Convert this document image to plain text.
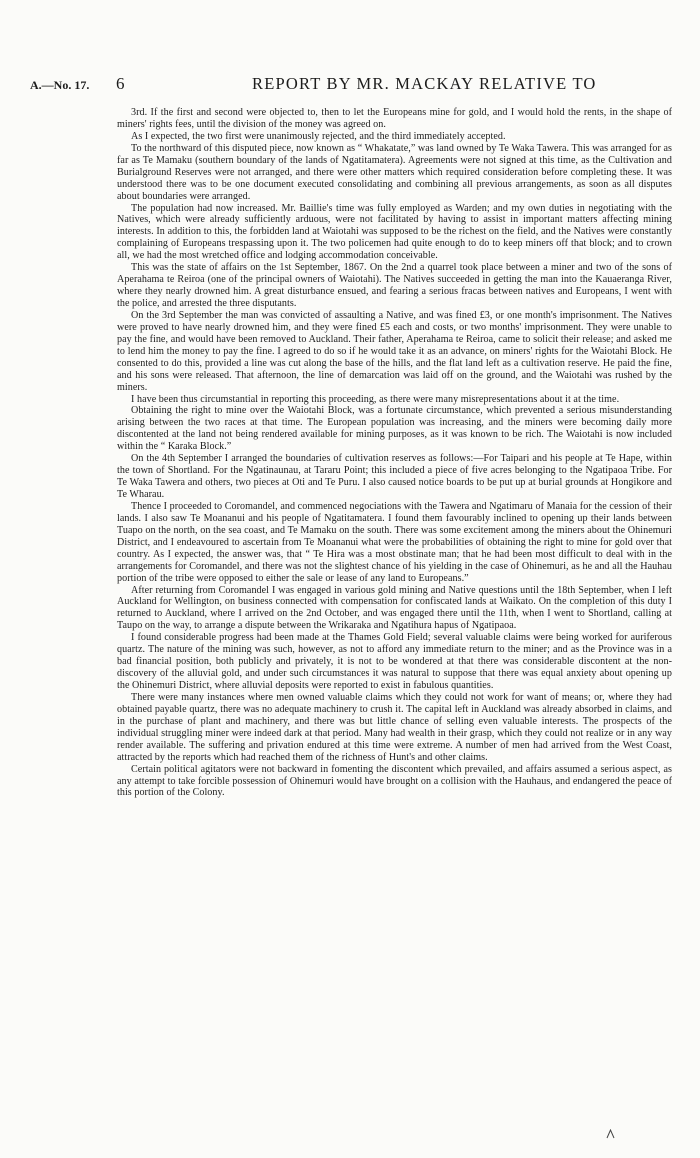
A.—No. 17. 6	REPORT BY MR. MACKAY RELATIVE TO

3rd. If the first and second were objected to, then to let the Europeans mine for gold, and I would hold the rents, in the shape of miners' rights fees, until the division of the money was agreed on.

As I expected, the two first were unanimously rejected, and the third immediately accepted.

To the northward of this disputed piece, now known as “ Whakatate,” was land owned by Te Waka Tawera. This was arranged for as far as Te Mamaku (southern boundary of the lands of Ngatitamatera). Agreements were not signed at this time, as the Cultivation and Burialground Reserves were not arranged, and there were other matters which required consideration before completing these. It was understood there was to be one document executed consolidating and combining all previous arrangements, as soon as all disputes about boundaries were arranged.

The population had now increased. Mr. Baillie's time was fully employed as Warden; and my own duties in negotiating with the Natives, which were already sufficiently arduous, were not facilitated by having to assist in important matters affecting mining interests. In addition to this, the forbidden land at Waiotahi was supposed to be the richest on the field, and the Natives were constantly complaining of Europeans trespassing upon it. The two policemen had quite enough to do to keep miners off that block; and to crown all, we had the most wretched office and lodging accommodation conceivable.

This was the state of affairs on the 1st September, 1867. On the 2nd a quarrel took place between a miner and two of the sons of Aperahama te Reiroa (one of the principal owners of Waiotahi). The Natives succeeded in getting the man into the Kauaeranga River, where they nearly drowned him. A great disturbance ensued, and fearing a serious fracas between natives and Europeans, I went with the police, and arrested the three disputants.

On the 3rd September the man was convicted of assaulting a Native, and was fined £3, or one month's imprisonment. The Natives were proved to have nearly drowned him, and they were fined £5 each and costs, or two months' imprisonment. They were unable to pay the fine, and would have been removed to Auckland. Their father, Aperahama te Reiroa, came to solicit their release; and asked me to lend him the money to pay the fine. I agreed to do so if he would take it as an advance, on miners' rights for the Waiotahi Block. He consented to do this, provided a line was cut along the base of the hills, and the flat land left as a cultivation reserve. He paid the fine, and his sons were released. That afternoon, the line of demarcation was laid off on the ground, and the Waiotahi was rushed by the miners.

I have been thus circumstantial in reporting this proceeding, as there were many misrepresentations about it at the time.

Obtaining the right to mine over the Waiotahi Block, was a fortunate circumstance, which prevented a serious misunderstanding arising between the two races at that time. The European population was increasing, and the miners were becoming daily more discontented at the land not being rendered available for mining purposes, as it was known to be rich. The Waiotahi is now included within the “ Karaka Block.”

On the 4th September I arranged the boundaries of cultivation reserves as follows:—For Taipari and his people at Te Hape, within the town of Shortland. For the Ngatinaunau, at Tararu Point; this included a piece of five acres belonging to the Ngatipaoa Tribe. For Te Waka Tawera and others, two pieces at Oti and Te Puru. I also caused notice boards to be put up at burial grounds at Hongikore and Te Wharau.

Thence I proceeded to Coromandel, and commenced negociations with the Tawera and Ngatimaru of Manaia for the cession of their lands. I also saw Te Moananui and his people of Ngatitamatera. I found them favourably inclined to opening up their lands between Tuapo on the north, on the sea coast, and Te Mamaku on the south. There was some excitement among the miners about the Ohinemuri District, and I endeavoured to ascertain from Te Moananui what were the probabilities of obtaining the right to mine for gold over that country. As I expected, the answer was, that “ Te Hira was a most obstinate man; that he had been most difficult to deal with in the arrangements for Coromandel, and there was not the slightest chance of his yielding in the case of Ohinemuri, as he and all the Hauhau portion of the tribe were opposed to either the sale or lease of any land to Europeans.”

After returning from Coromandel I was engaged in various gold mining and Native questions until the 18th September, when I left Auckland for Wellington, on business connected with compensation for confiscated lands at Waikato. On the completion of this duty I returned to Auckland, where I arrived on the 2nd October, and was engaged there until the 11th, when I went to Shortland, calling at Taupo on the way, to arrange a dispute between the Wrikaraka and Ngatihura hapus of Ngatipaoa.

I found considerable progress had been made at the Thames Gold Field; several valuable claims were being worked for auriferous quartz. The nature of the mining was such, however, as not to afford any immediate return to the miner; and as the Province was in a bad financial position, both publicly and privately, it is not to be wondered at that there was considerable discontent at the non-discovery of the alluvial gold, and under such circumstances it was natural to suppose that there was equal anxiety about opening up the Ohinemuri District, where alluvial deposits were reported to exist in fabulous quantities.

There were many instances where men owned valuable claims which they could not work for want of means; or, where they had obtained payable quartz, there was no adequate machinery to crush it. The capital left in Auckland was already absorbed in claims, and in the purchase of plant and machinery, and there was but little chance of selling even valuable interests. The prospects of the individual struggling miner were indeed dark at that period. Many had wealth in their grasp, which they could not realize or in any way render available. The suffering and privation endured at this time were extreme. A number of men had arrived from the West Coast, attracted by the reports which had reached them of the richness of Hunt's and other claims.

Certain political agitators were not backward in fomenting the discontent which prevailed, and affairs assumed a serious aspect, as any attempt to take forcible possession of Ohinemuri would have brought on a collision with the Hauhaus, and endangered the peace of this portion of the Colony.
